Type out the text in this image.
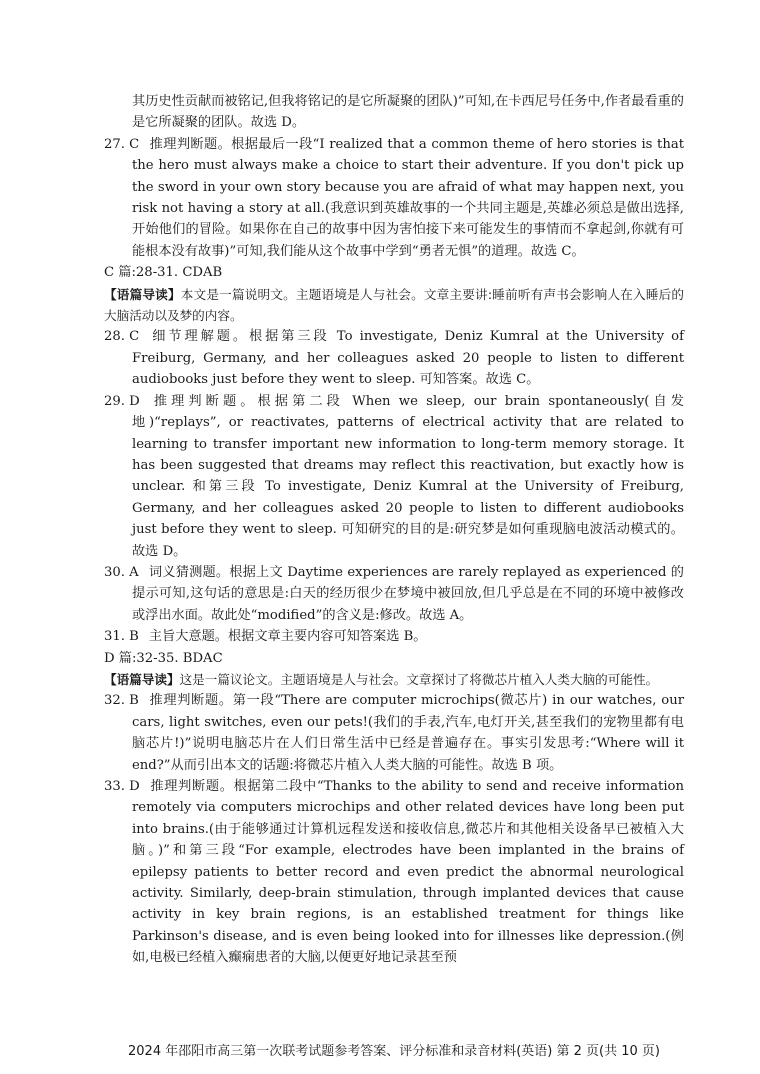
其历史性贡献而被铭记,但我将铭记的是它所凝聚的团队)”可知,在卡西尼号任务中,作者最看重的是它所凝聚的团队。故选 D。

27. C 推理判断题。根据最后一段“I realized that a common theme of hero stories is that the hero must always make a choice to start their adventure. If you don't pick up the sword in your own story because you are afraid of what may happen next, you risk not having a story at all.(我意识到英雄故事的一个共同主题是,英雄必须总是做出选择,开始他们的冒险。如果你在自己的故事中因为害怕接下来可能发生的事情而不拿起剑,你就有可能根本没有故事)”可知,我们能从这个故事中学到“勇者无惧”的道理。故选 C。

C 篇:28-31. CDAB

【语篇导读】本文是一篇说明文。主题语境是人与社会。文章主要讲:睡前听有声书会影响人在入睡后的大脑活动以及梦的内容。

28. C 细节理解题。根据第三段 To investigate, Deniz Kumral at the University of Freiburg, Germany, and her colleagues asked 20 people to listen to different audiobooks just before they went to sleep. 可知答案。故选 C。

29. D 推理判断题。根据第二段 When we sleep, our brain spontaneously(自发地)“replays”, or reactivates, patterns of electrical activity that are related to learning to transfer important new information to long-term memory storage. It has been suggested that dreams may reflect this reactivation, but exactly how is unclear. 和第三段 To investigate, Deniz Kumral at the University of Freiburg, Germany, and her colleagues asked 20 people to listen to different audiobooks just before they went to sleep. 可知研究的目的是:研究梦是如何重现脑电波活动模式的。故选 D。

30. A 词义猜测题。根据上文 Daytime experiences are rarely replayed as experienced 的提示可知,这句话的意思是:白天的经历很少在梦境中被回放,但几乎总是在不同的环境中被修改或浮出水面。故此处“modified”的含义是:修改。故选 A。

31. B 主旨大意题。根据文章主要内容可知答案选 B。

D 篇:32-35. BDAC

【语篇导读】这是一篇议论文。主题语境是人与社会。文章探讨了将微芯片植入人类大脑的可能性。

32. B 推理判断题。第一段“There are computer microchips(微芯片) in our watches, our cars, light switches, even our pets!(我们的手表,汽车,电灯开关,甚至我们的宠物里都有电脑芯片!)”说明电脑芯片在人们日常生活中已经是普遍存在。事实引发思考:“Where will it end?”从而引出本文的话题:将微芯片植入人类大脑的可能性。故选 B 项。

33. D 推理判断题。根据第二段中“Thanks to the ability to send and receive information remotely via computers microchips and other related devices have long been put into brains.(由于能够通过计算机远程发送和接收信息,微芯片和其他相关设备早已被植入大脑。)”和第三段“For example, electrodes have been implanted in the brains of epilepsy patients to better record and even predict the abnormal neurological activity. Similarly, deep-brain stimulation, through implanted devices that cause activity in key brain regions, is an established treatment for things like Parkinson's disease, and is even being looked into for illnesses like depression.(例如,电极已经植入癫痫患者的大脑,以便更好地记录甚至预

2024 年邵阳市高三第一次联考试题参考答案、评分标准和录音材料(英语) 第 2 页(共 10 页)
